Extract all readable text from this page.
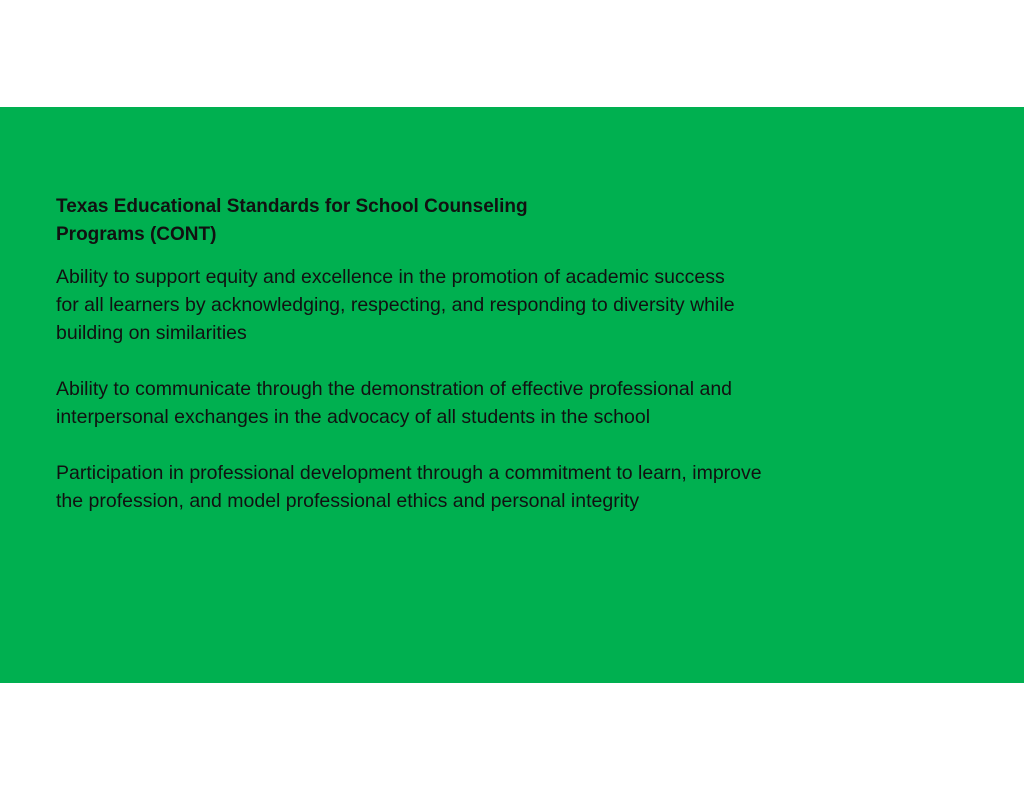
Texas Educational Standards for School Counseling Programs (CONT)
Ability to support equity and excellence in the promotion of academic success for all learners by acknowledging, respecting, and responding to diversity while building on similarities
Ability to communicate through the demonstration of effective professional and interpersonal exchanges in the advocacy of all students in the school
Participation in professional development through a commitment to learn, improve the profession, and model professional ethics and personal integrity
